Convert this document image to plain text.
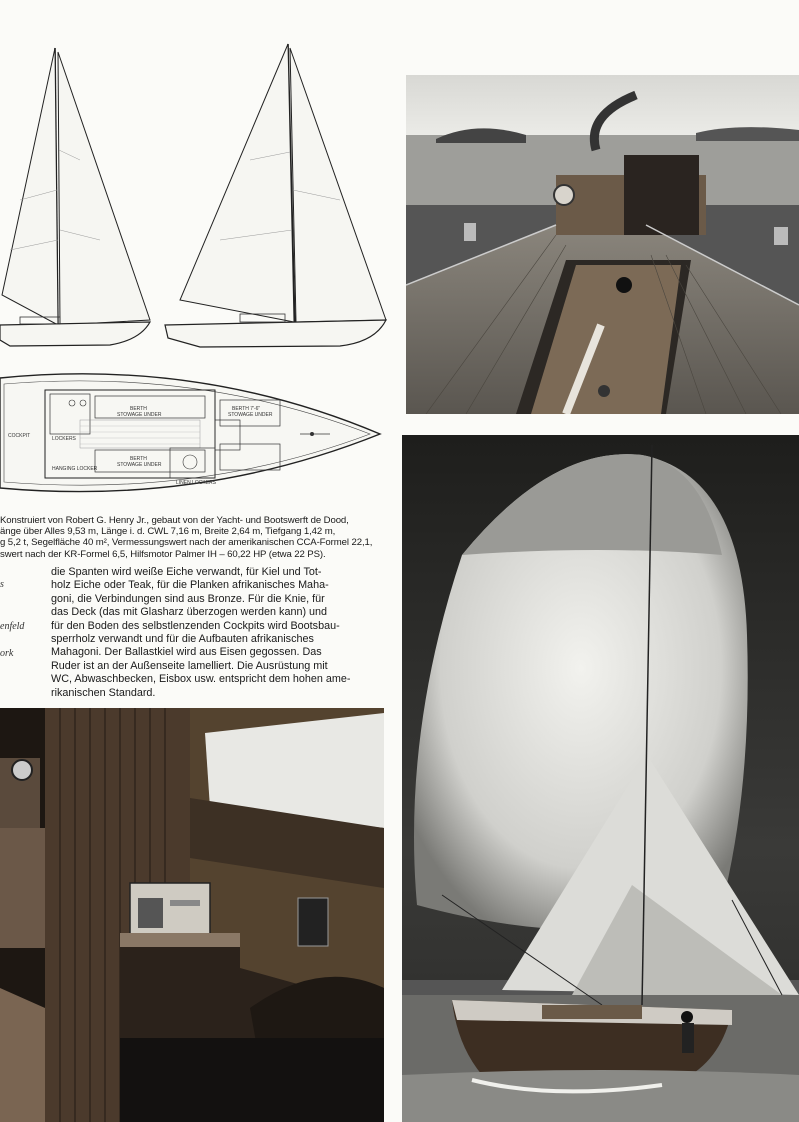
BERTH
STOWAGE UNDER
BERTH
STOWAGE UNDER
BERTH 7'-6"
STOWAGE UNDER
COCKPIT
LINEN LOCKERS
LOCKERS
HANGING LOCKER
Konstruiert von Robert G. Henry Jr., gebaut von der Yacht- und Bootswerft de Dood,
änge über Alles 9,53 m, Länge i. d. CWL 7,16 m, Breite 2,64 m, Tiefgang 1,42 m,
g 5,2 t, Segelfläche 40 m², Vermessungswert nach der amerikanischen CCA-Formel 22,1,
swert nach der KR-Formel 6,5, Hilfsmotor Palmer IH – 60,22 HP (etwa 22 PS).
s
enfeld
ork
die Spanten wird weiße Eiche verwandt, für Kiel und Tot-
holz Eiche oder Teak, für die Planken afrikanisches Maha-
goni, die Verbindungen sind aus Bronze. Für die Knie, für
das Deck (das mit Glasharz überzogen werden kann) und
für den Boden des selbstlenzenden Cockpits wird Bootsbau-
sperrholz verwandt und für die Aufbauten afrikanisches
Mahagoni. Der Ballastkiel wird aus Eisen gegossen. Das
Ruder ist an der Außenseite lamelliert. Die Ausrüstung mit
WC, Abwaschbecken, Eisbox usw. entspricht dem hohen ame-
rikanischen Standard.
